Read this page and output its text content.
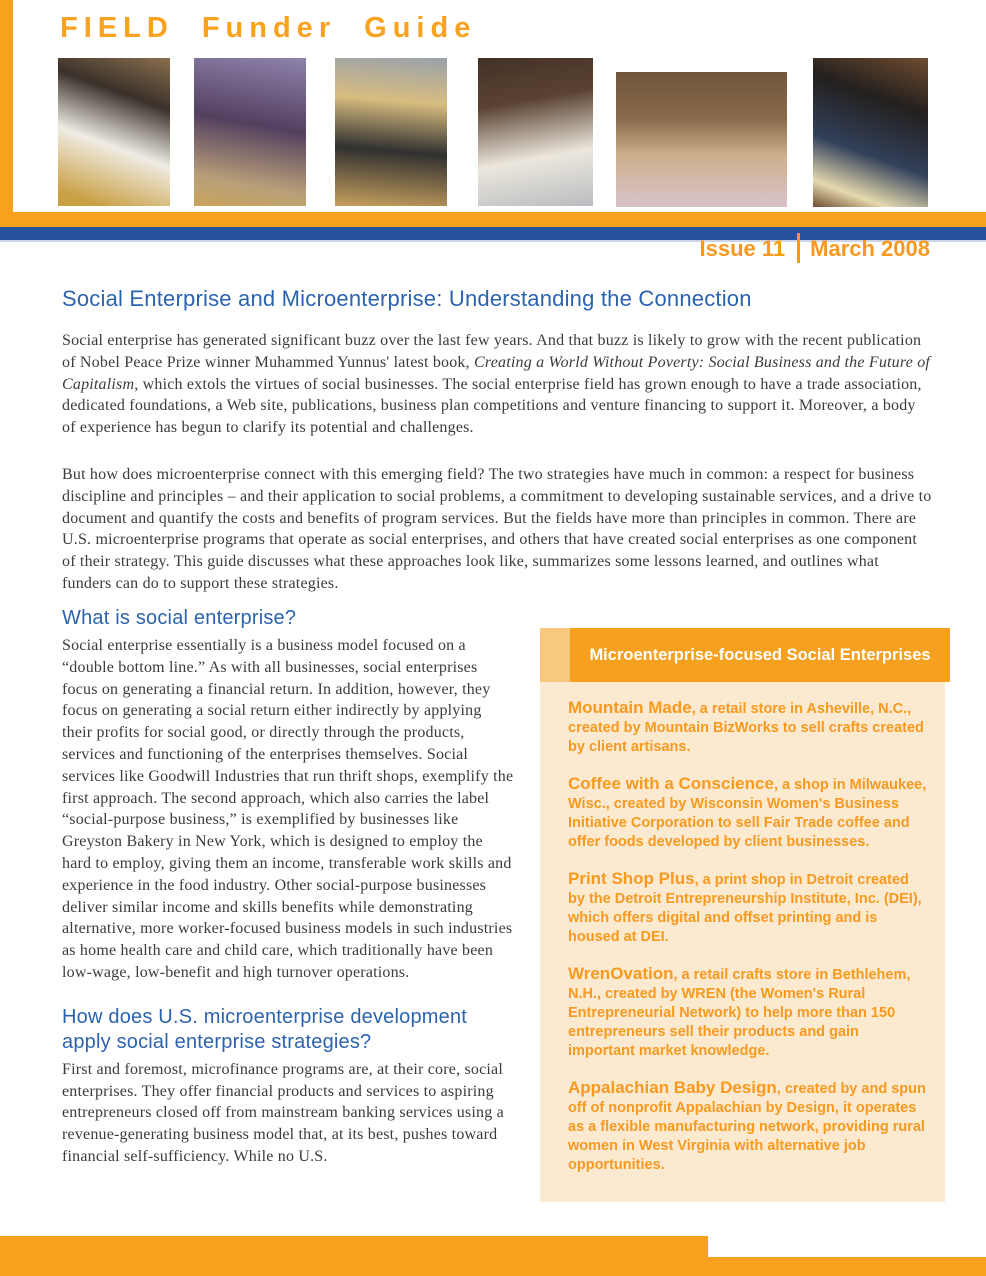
FIELD Funder Guide
Issue 11 March 2008
Social Enterprise and Microenterprise: Understanding the Connection

Social enterprise has generated significant buzz over the last few years. And that buzz is likely to grow with the recent publication of Nobel Peace Prize winner Muhammed Yunnus' latest book, Creating a World Without Poverty: Social Business and the Future of Capitalism, which extols the virtues of social businesses. The social enterprise field has grown enough to have a trade association, dedicated foundations, a Web site, publications, business plan competitions and venture financing to support it. Moreover, a body of experience has begun to clarify its potential and challenges.

But how does microenterprise connect with this emerging field? The two strategies have much in common: a respect for business discipline and principles – and their application to social problems, a commitment to developing sustainable services, and a drive to document and quantify the costs and benefits of program services. But the fields have more than principles in common. There are U.S. microenterprise programs that operate as social enterprises, and others that have created social enterprises as one component of their strategy. This guide discusses what these approaches look like, summarizes some lessons learned, and outlines what funders can do to support these strategies.

What is social enterprise?

Social enterprise essentially is a business model focused on a “double bottom line.” As with all businesses, social enterprises focus on generating a financial return. In addition, however, they focus on generating a social return either indirectly by applying their profits for social good, or directly through the products, services and functioning of the enterprises themselves. Social services like Goodwill Industries that run thrift shops, exemplify the first approach. The second approach, which also carries the label “social-purpose business,” is exemplified by businesses like Greyston Bakery in New York, which is designed to employ the hard to employ, giving them an income, transferable work skills and experience in the food industry. Other social-purpose businesses deliver similar income and skills benefits while demonstrating alternative, more worker-focused business models in such industries as home health care and child care, which traditionally have been low-wage, low-benefit and high turnover operations.

How does U.S. microenterprise development apply social enterprise strategies?

First and foremost, microfinance programs are, at their core, social enterprises. They offer financial products and services to aspiring entrepreneurs closed off from mainstream banking services using a revenue-generating business model that, at its best, pushes toward financial self-sufficiency. While no U.S.

Microenterprise-focused Social Enterprises

Mountain Made, a retail store in Asheville, N.C., created by Mountain BizWorks to sell crafts created by client artisans.

Coffee with a Conscience, a shop in Milwaukee, Wisc., created by Wisconsin Women's Business Initiative Corporation to sell Fair Trade coffee and offer foods developed by client businesses.

Print Shop Plus, a print shop in Detroit created by the Detroit Entrepreneurship Institute, Inc. (DEI), which offers digital and offset printing and is housed at DEI.

WrenOvation, a retail crafts store in Bethlehem, N.H., created by WREN (the Women's Rural Entrepreneurial Network) to help more than 150 entrepreneurs sell their products and gain important market knowledge.

Appalachian Baby Design, created by and spun off of nonprofit Appalachian by Design, it operates as a flexible manufacturing network, providing rural women in West Virginia with alternative job opportunities.
